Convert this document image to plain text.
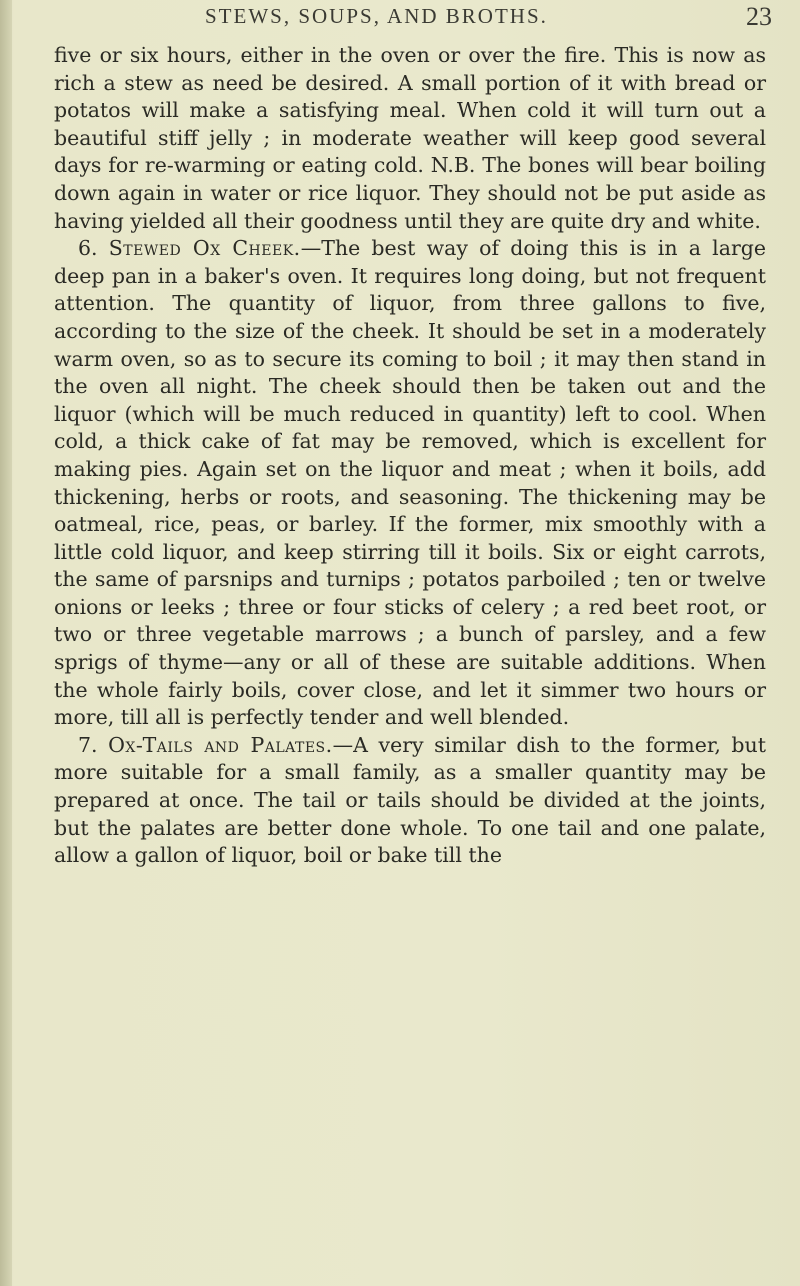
STEWS, SOUPS, AND BROTHS.	23

five or six hours, either in the oven or over the fire. This is now as rich a stew as need be desired. A small portion of it with bread or potatos will make a satisfying meal. When cold it will turn out a beautiful stiff jelly ; in moderate weather will keep good several days for re-warming or eating cold. N.B. The bones will bear boiling down again in water or rice liquor. They should not be put aside as having yielded all their goodness until they are quite dry and white.

6. Stewed Ox Cheek.—The best way of doing this is in a large deep pan in a baker's oven. It requires long doing, but not frequent attention. The quantity of liquor, from three gallons to five, according to the size of the cheek. It should be set in a moderately warm oven, so as to secure its coming to boil ; it may then stand in the oven all night. The cheek should then be taken out and the liquor (which will be much reduced in quantity) left to cool. When cold, a thick cake of fat may be removed, which is excellent for making pies. Again set on the liquor and meat ; when it boils, add thickening, herbs or roots, and seasoning. The thickening may be oatmeal, rice, peas, or barley. If the former, mix smoothly with a little cold liquor, and keep stirring till it boils. Six or eight carrots, the same of parsnips and turnips ; potatos parboiled ; ten or twelve onions or leeks ; three or four sticks of celery ; a red beet root, or two or three vegetable marrows ; a bunch of parsley, and a few sprigs of thyme—any or all of these are suitable additions. When the whole fairly boils, cover close, and let it simmer two hours or more, till all is perfectly tender and well blended.

7. Ox-Tails and Palates.—A very similar dish to the former, but more suitable for a small family, as a smaller quantity may be prepared at once. The tail or tails should be divided at the joints, but the palates are better done whole. To one tail and one palate, allow a gallon of liquor, boil or bake till the
